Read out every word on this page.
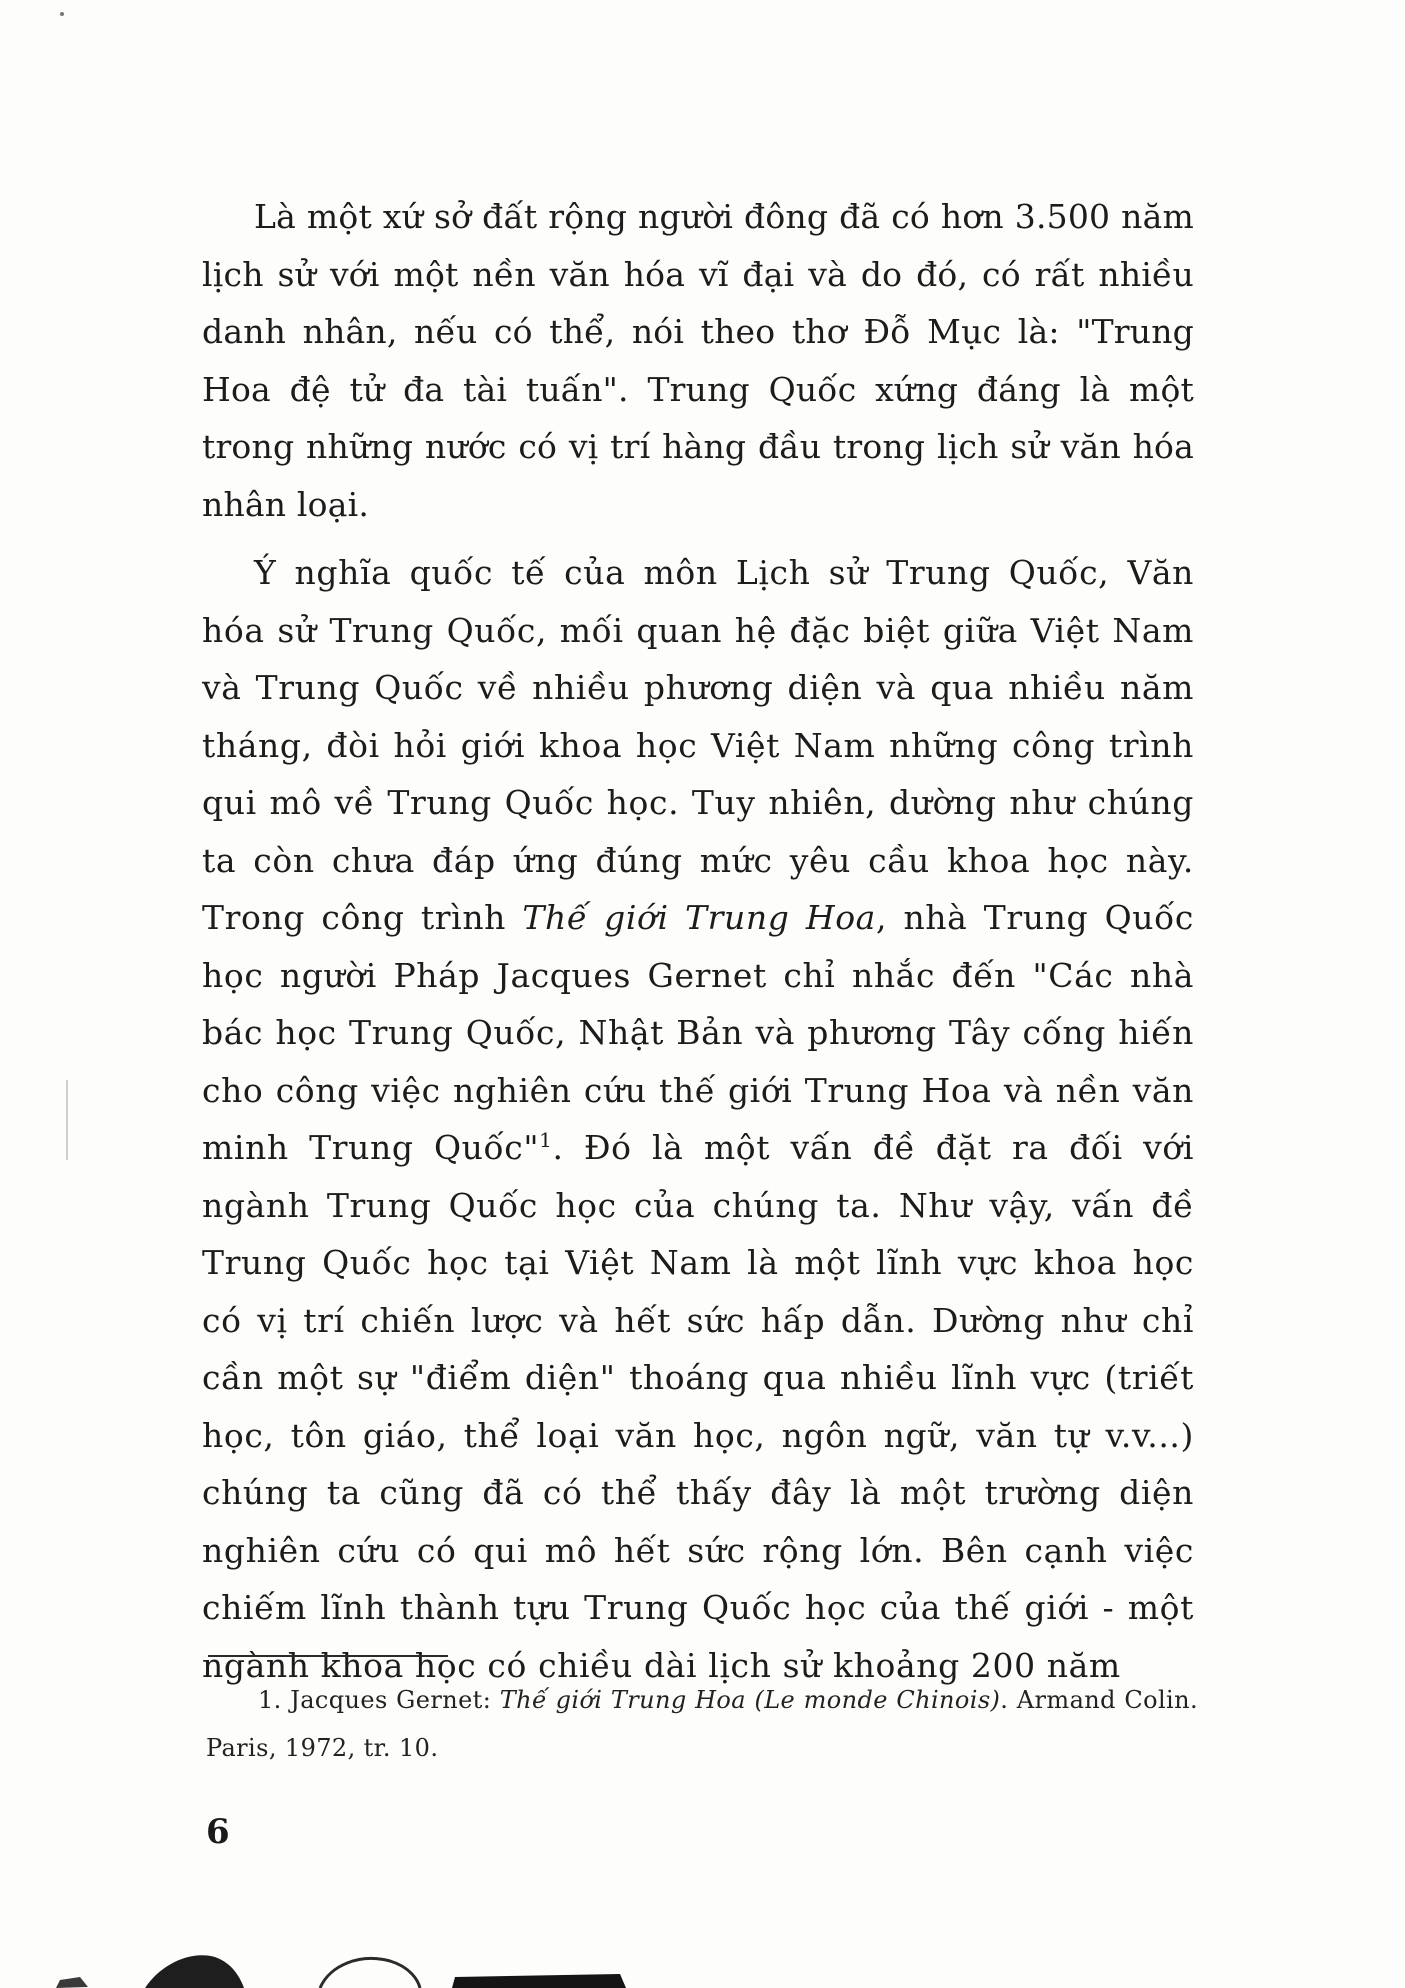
Là một xứ sở đất rộng người đông đã có hơn 3.500 năm lịch sử với một nền văn hóa vĩ đại và do đó, có rất nhiều danh nhân, nếu có thể, nói theo thơ Đỗ Mục là: "Trung Hoa đệ tử đa tài tuấn". Trung Quốc xứng đáng là một trong những nước có vị trí hàng đầu trong lịch sử văn hóa nhân loại.

Ý nghĩa quốc tế của môn Lịch sử Trung Quốc, Văn hóa sử Trung Quốc, mối quan hệ đặc biệt giữa Việt Nam và Trung Quốc về nhiều phương diện và qua nhiều năm tháng, đòi hỏi giới khoa học Việt Nam những công trình qui mô về Trung Quốc học. Tuy nhiên, dường như chúng ta còn chưa đáp ứng đúng mức yêu cầu khoa học này. Trong công trình Thế giới Trung Hoa, nhà Trung Quốc học người Pháp Jacques Gernet chỉ nhắc đến "Các nhà bác học Trung Quốc, Nhật Bản và phương Tây cống hiến cho công việc nghiên cứu thế giới Trung Hoa và nền văn minh Trung Quốc"$^1$. Đó là một vấn đề đặt ra đối với ngành Trung Quốc học của chúng ta. Như vậy, vấn đề Trung Quốc học tại Việt Nam là một lĩnh vực khoa học có vị trí chiến lược và hết sức hấp dẫn. Dường như chỉ cần một sự "điểm diện" thoáng qua nhiều lĩnh vực (triết học, tôn giáo, thể loại văn học, ngôn ngữ, văn tự v.v...) chúng ta cũng đã có thể thấy đây là một trường diện nghiên cứu có qui mô hết sức rộng lớn. Bên cạnh việc chiếm lĩnh thành tựu Trung Quốc học của thế giới - một ngành khoa học có chiều dài lịch sử khoảng 200 năm

1. Jacques Gernet: Thế giới Trung Hoa (Le monde Chinois). Armand Colin. Paris, 1972, tr. 10.
6
